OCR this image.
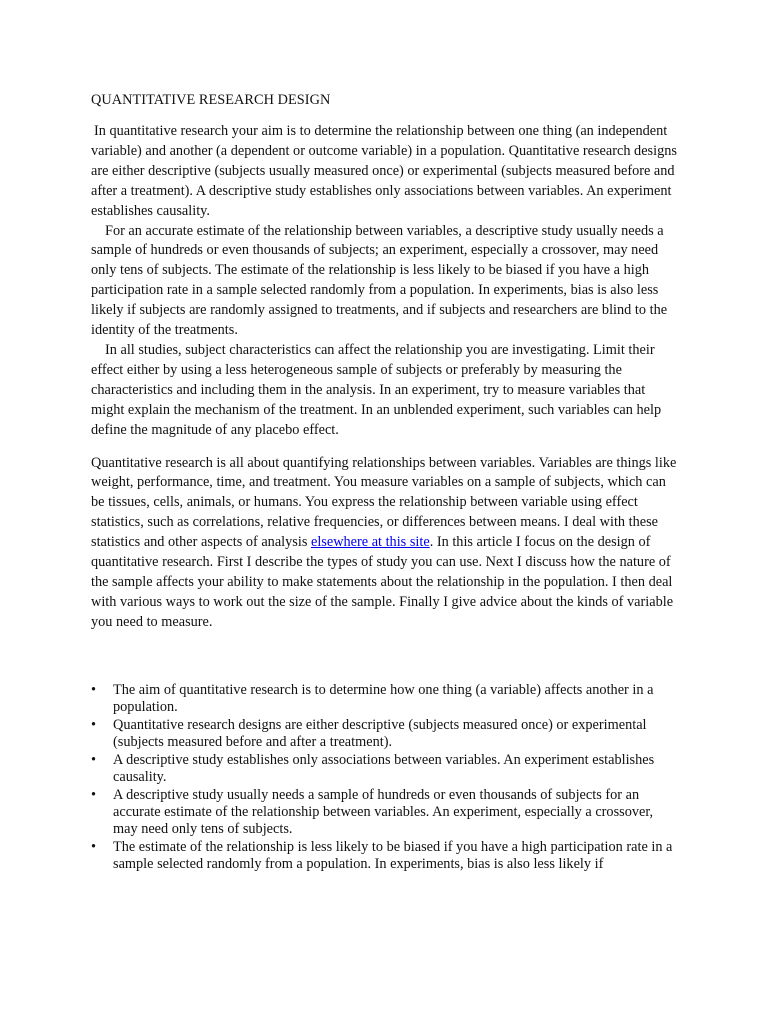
QUANTITATIVE RESEARCH DESIGN

In quantitative research your aim is to determine the relationship between one thing (an independent variable) and another (a dependent or outcome variable) in a population. Quantitative research designs are either descriptive (subjects usually measured once) or experimental (subjects measured before and after a treatment). A descriptive study establishes only associations between variables. An experiment establishes causality.

For an accurate estimate of the relationship between variables, a descriptive study usually needs a sample of hundreds or even thousands of subjects; an experiment, especially a crossover, may need only tens of subjects. The estimate of the relationship is less likely to be biased if you have a high participation rate in a sample selected randomly from a population. In experiments, bias is also less likely if subjects are randomly assigned to treatments, and if subjects and researchers are blind to the identity of the treatments.

In all studies, subject characteristics can affect the relationship you are investigating. Limit their effect either by using a less heterogeneous sample of subjects or preferably by measuring the characteristics and including them in the analysis. In an experiment, try to measure variables that might explain the mechanism of the treatment. In an unblended experiment, such variables can help define the magnitude of any placebo effect.

Quantitative research is all about quantifying relationships between variables. Variables are things like weight, performance, time, and treatment. You measure variables on a sample of subjects, which can be tissues, cells, animals, or humans. You express the relationship between variable using effect statistics, such as correlations, relative frequencies, or differences between means. I deal with these statistics and other aspects of analysis elsewhere at this site. In this article I focus on the design of quantitative research. First I describe the types of study you can use. Next I discuss how the nature of the sample affects your ability to make statements about the relationship in the population. I then deal with various ways to work out the size of the sample. Finally I give advice about the kinds of variable you need to measure.

•	The aim of quantitative research is to determine how one thing (a variable) affects another in a population.
•	Quantitative research designs are either descriptive (subjects measured once) or experimental (subjects measured before and after a treatment).
•	A descriptive study establishes only associations between variables. An experiment establishes causality.
•	A descriptive study usually needs a sample of hundreds or even thousands of subjects for an accurate estimate of the relationship between variables. An experiment, especially a crossover, may need only tens of subjects.
•	The estimate of the relationship is less likely to be biased if you have a high participation rate in a sample selected randomly from a population. In experiments, bias is also less likely if
